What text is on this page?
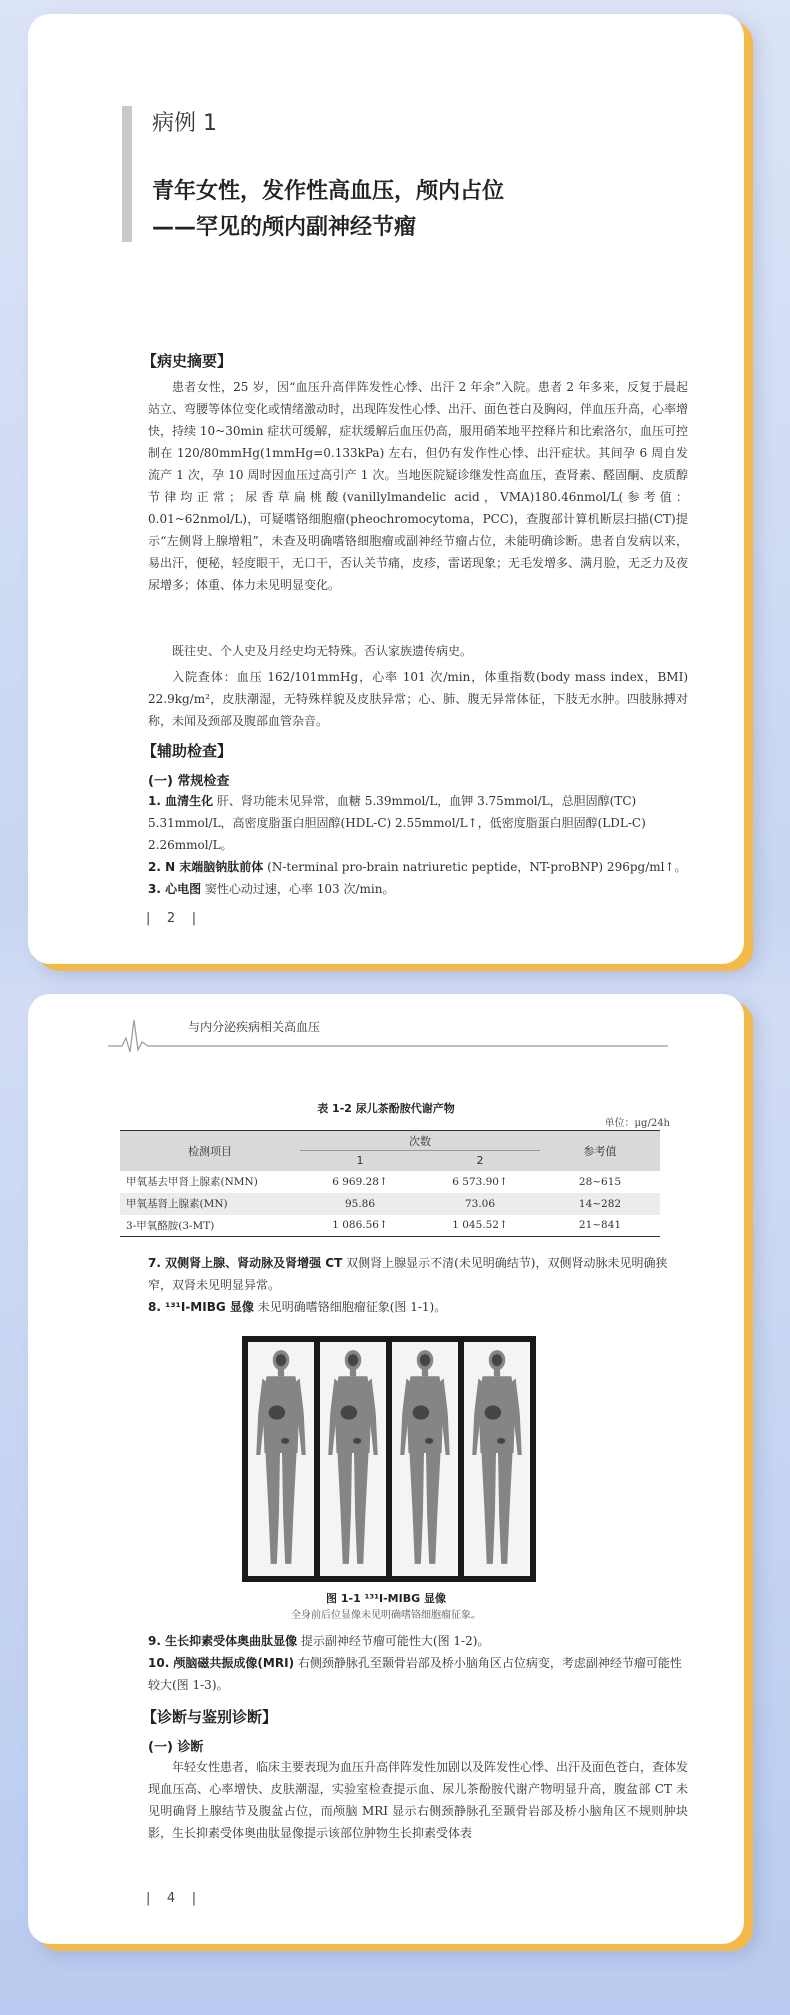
病例 1
青年女性，发作性高血压，颅内占位
——罕见的颅内副神经节瘤
【病史摘要】
患者女性，25 岁，因“血压升高伴阵发性心悸、出汗 2 年余”入院。患者 2 年多来，反复于晨起站立、弯腰等体位变化或情绪激动时，出现阵发性心悸、出汗、面色苍白及胸闷，伴血压升高，心率增快，持续 10~30min 症状可缓解，症状缓解后血压仍高，服用硝苯地平控释片和比索洛尔，血压可控制在 120/80mmHg(1mmHg=0.133kPa) 左右，但仍有发作性心悸、出汗症状。其间孕 6 周自发流产 1 次，孕 10 周时因血压过高引产 1 次。当地医院疑诊继发性高血压，查肾素、醛固酮、皮质醇节律均正常；尿香草扁桃酸(vanillylmandelic acid，VMA)180.46nmol/L(参考值：0.01~62nmol/L)，可疑嗜铬细胞瘤(pheochromocytoma，PCC)，查腹部计算机断层扫描(CT)提示“左侧肾上腺增粗”，未查及明确嗜铬细胞瘤或副神经节瘤占位，未能明确诊断。患者自发病以来，易出汗，便秘，轻度眼干，无口干，否认关节痛，皮疹，雷诺现象；无毛发增多、满月脸，无乏力及夜尿增多；体重、体力未见明显变化。
既往史、个人史及月经史均无特殊。否认家族遗传病史。
入院查体：血压 162/101mmHg，心率 101 次/min，体重指数(body mass index，BMI) 22.9kg/m²，皮肤潮湿，无特殊样貌及皮肤异常；心、肺、腹无异常体征，下肢无水肿。四肢脉搏对称，未闻及颈部及腹部血管杂音。
【辅助检查】
(一) 常规检查
1. 血清生化 肝、肾功能未见异常，血糖 5.39mmol/L，血钾 3.75mmol/L，总胆固醇(TC) 5.31mmol/L，高密度脂蛋白胆固醇(HDL-C) 2.55mmol/L↑，低密度脂蛋白胆固醇(LDL-C) 2.26mmol/L。
2. N 末端脑钠肽前体 (N-terminal pro-brain natriuretic peptide，NT-proBNP) 296pg/ml↑。
3. 心电图 窦性心动过速，心率 103 次/min。
|    2    |
与内分泌疾病相关高血压
表 1-2 尿儿茶酚胺代谢产物
单位：μg/24h
检测项目	次数		参考值
	1	2	
甲氧基去甲肾上腺素(NMN)	6 969.28↑	6 573.90↑	28~615
甲氧基肾上腺素(MN)	95.86	73.06	14~282
3-甲氧酪胺(3-MT)	1 086.56↑	1 045.52↑	21~841
7. 双侧肾上腺、肾动脉及肾增强 CT 双侧肾上腺显示不清(未见明确结节)，双侧肾动脉未见明确狭窄，双肾未见明显异常。
8. ¹³¹I-MIBG 显像 未见明确嗜铬细胞瘤征象(图 1-1)。
图 1-1 ¹³¹I-MIBG 显像
全身前后位显像未见明确嗜铬细胞瘤征象。
9. 生长抑素受体奥曲肽显像 提示副神经节瘤可能性大(图 1-2)。
10. 颅脑磁共振成像(MRI) 右侧颈静脉孔至颞骨岩部及桥小脑角区占位病变，考虑副神经节瘤可能性较大(图 1-3)。
【诊断与鉴别诊断】
(一) 诊断
年轻女性患者，临床主要表现为血压升高伴阵发性加剧以及阵发性心悸、出汗及面色苍白，查体发现血压高、心率增快、皮肤潮湿，实验室检查提示血、尿儿茶酚胺代谢产物明显升高，腹盆部 CT 未见明确肾上腺结节及腹盆占位，而颅脑 MRI 显示右侧颈静脉孔至颞骨岩部及桥小脑角区不规则肿块影，生长抑素受体奥曲肽显像提示该部位肿物生长抑素受体表
|    4    |
